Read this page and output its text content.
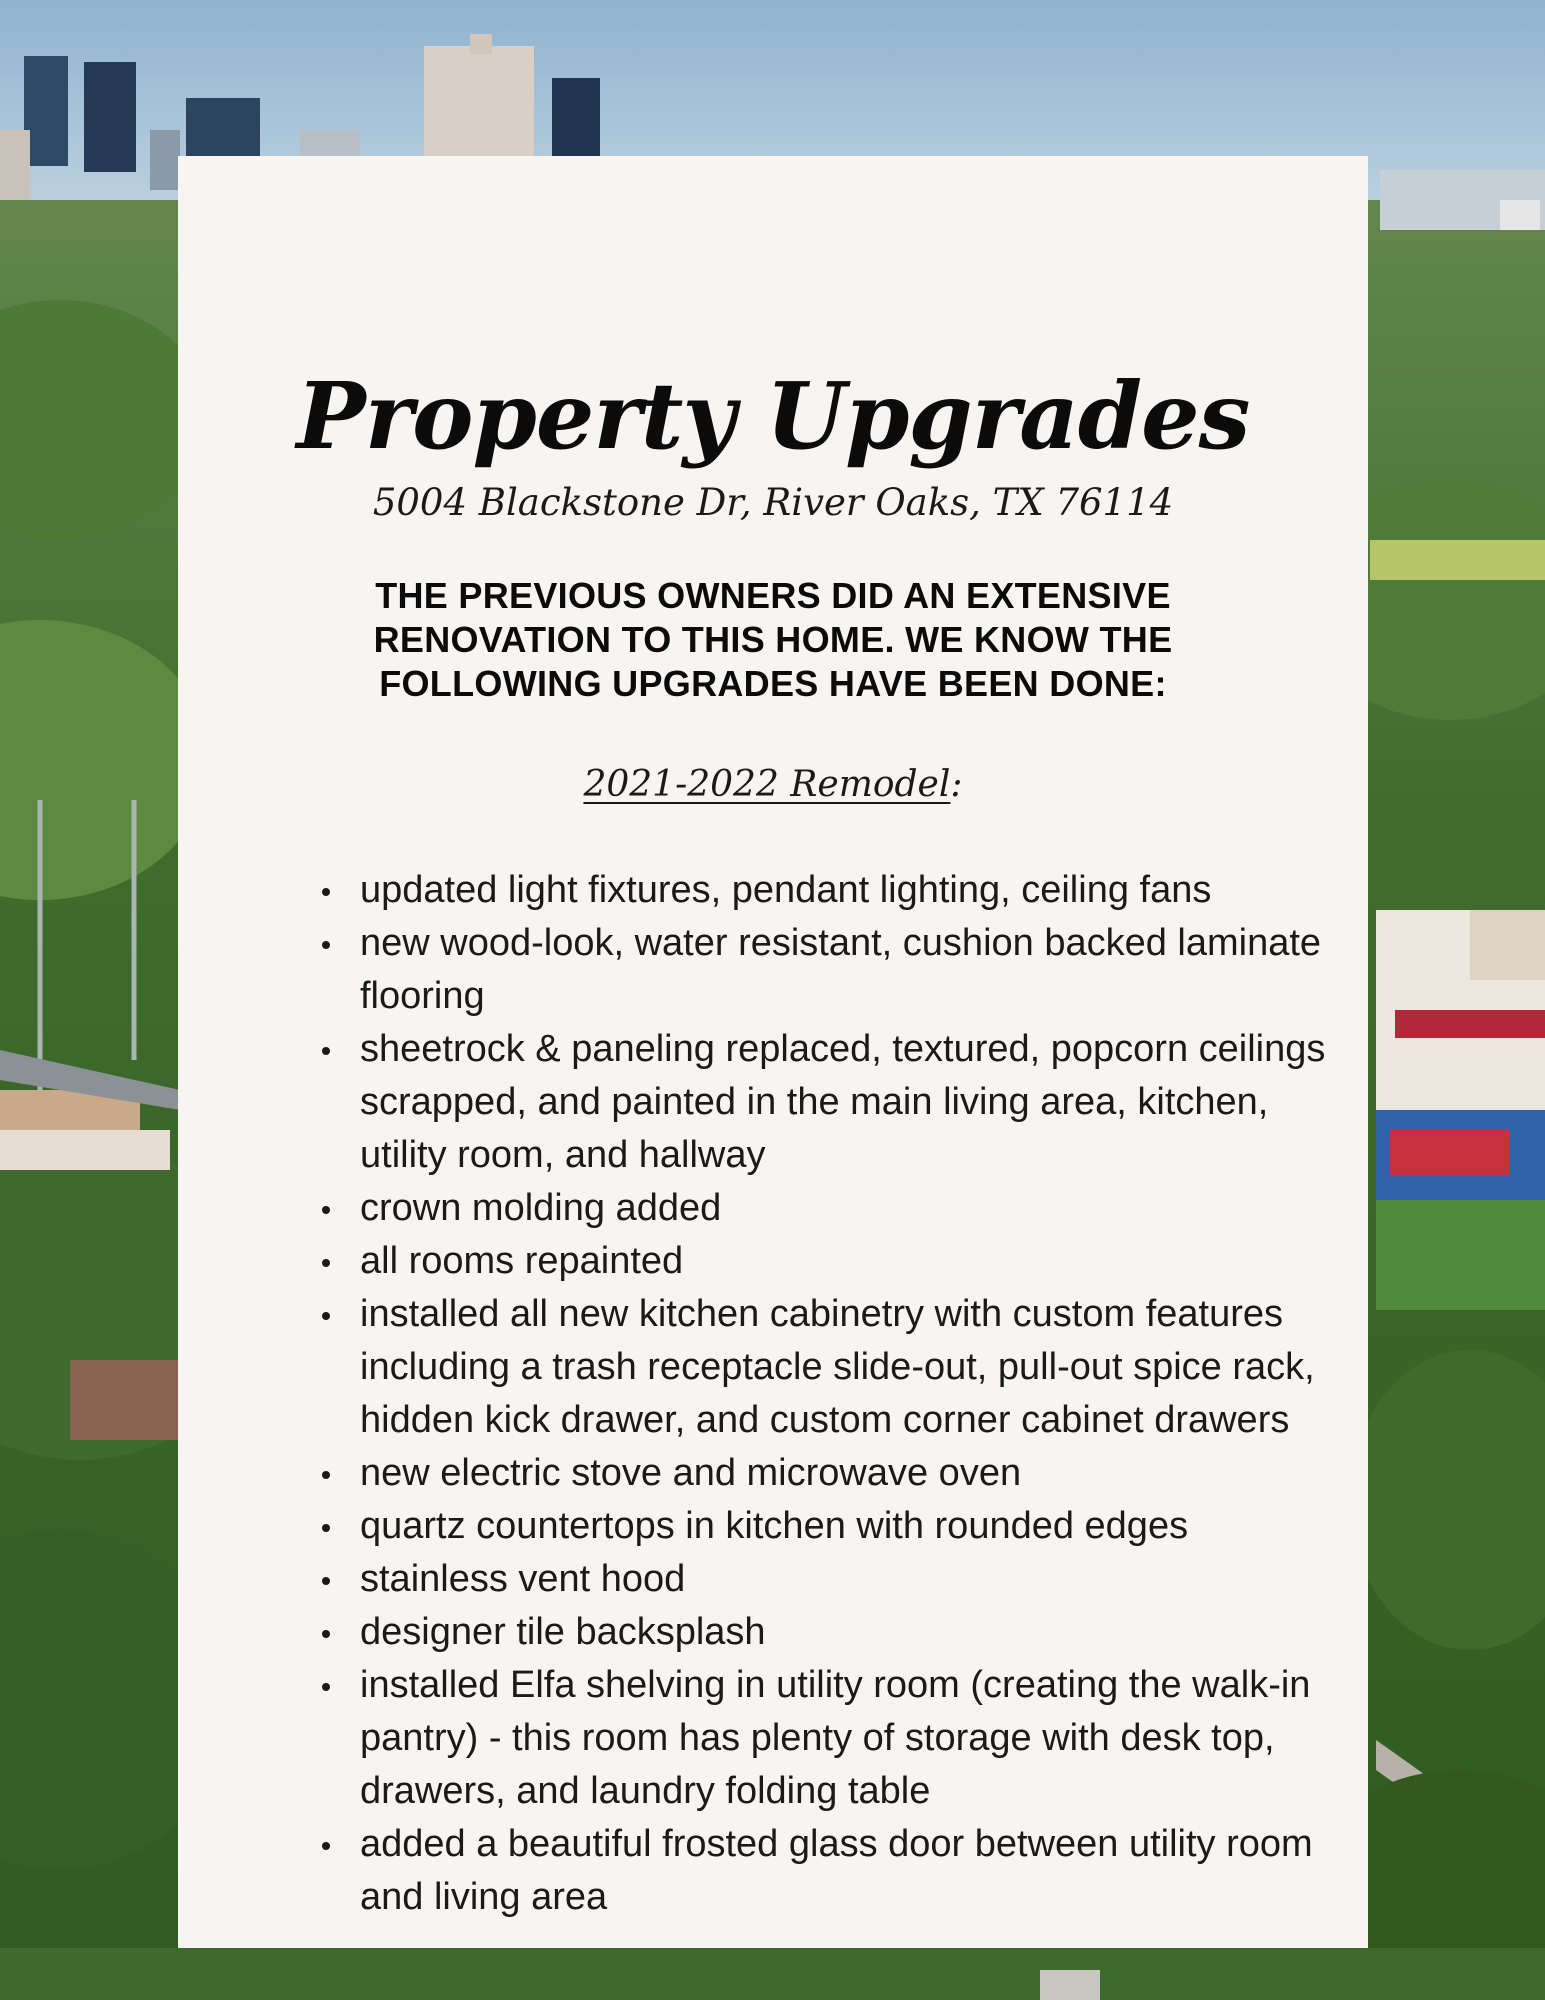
Property Upgrades
5004 Blackstone Dr, River Oaks, TX 76114
THE PREVIOUS OWNERS DID AN EXTENSIVE RENOVATION TO THIS HOME. WE KNOW THE FOLLOWING UPGRADES HAVE BEEN DONE:
2021-2022 Remodel:
updated light fixtures, pendant lighting, ceiling fans
new wood-look, water resistant, cushion backed laminate flooring
sheetrock & paneling replaced, textured, popcorn ceilings scrapped, and painted in the main living area, kitchen, utility room, and hallway
crown molding added
all rooms repainted
installed all new kitchen cabinetry with custom features including a trash receptacle slide-out, pull-out spice rack, hidden kick drawer, and custom corner cabinet drawers
new electric stove and microwave oven
quartz countertops in kitchen with rounded edges
stainless vent hood
designer tile backsplash
installed Elfa shelving in utility room (creating the walk-in pantry) - this room has plenty of storage with desk top, drawers, and laundry folding table
added a beautiful frosted glass door between utility room and living area
